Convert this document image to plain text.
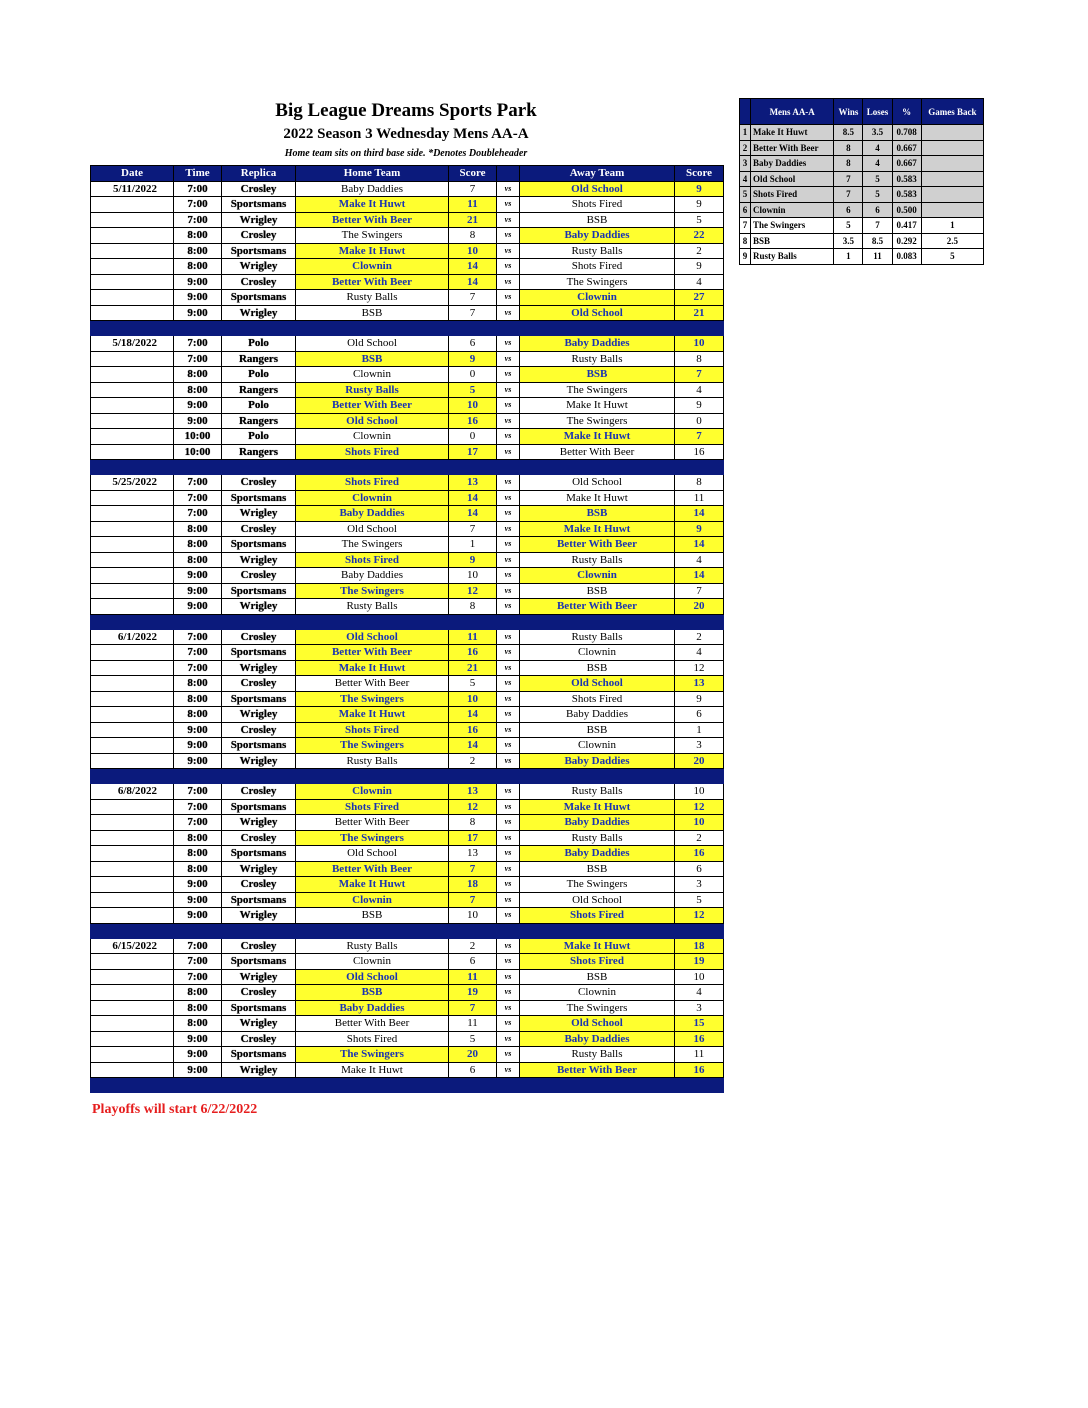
Big League Dreams Sports Park
2022 Season 3 Wednesday Mens AA-A
Home team sits on third base side. *Denotes Doubleheader
Date	Time	Replica	Home Team	Score		Away Team	Score
5/11/2022	7:00	Crosley	Baby Daddies	7	vs	Old School	9
	7:00	Sportsmans	Make It Huwt	11	vs	Shots Fired	9
	7:00	Wrigley	Better With Beer	21	vs	BSB	5
	8:00	Crosley	The Swingers	8	vs	Baby Daddies	22
	8:00	Sportsmans	Make It Huwt	10	vs	Rusty Balls	2
	8:00	Wrigley	Clownin	14	vs	Shots Fired	9
	9:00	Crosley	Better With Beer	14	vs	The Swingers	4
	9:00	Sportsmans	Rusty Balls	7	vs	Clownin	27
	9:00	Wrigley	BSB	7	vs	Old School	21

5/18/2022	7:00	Polo	Old School	6	vs	Baby Daddies	10
	7:00	Rangers	BSB	9	vs	Rusty Balls	8
	8:00	Polo	Clownin	0	vs	BSB	7
	8:00	Rangers	Rusty Balls	5	vs	The Swingers	4
	9:00	Polo	Better With Beer	10	vs	Make It Huwt	9
	9:00	Rangers	Old School	16	vs	The Swingers	0
	10:00	Polo	Clownin	0	vs	Make It Huwt	7
	10:00	Rangers	Shots Fired	17	vs	Better With Beer	16

5/25/2022	7:00	Crosley	Shots Fired	13	vs	Old School	8
	7:00	Sportsmans	Clownin	14	vs	Make It Huwt	11
	7:00	Wrigley	Baby Daddies	14	vs	BSB	14
	8:00	Crosley	Old School	7	vs	Make It Huwt	9
	8:00	Sportsmans	The Swingers	1	vs	Better With Beer	14
	8:00	Wrigley	Shots Fired	9	vs	Rusty Balls	4
	9:00	Crosley	Baby Daddies	10	vs	Clownin	14
	9:00	Sportsmans	The Swingers	12	vs	BSB	7
	9:00	Wrigley	Rusty Balls	8	vs	Better With Beer	20

6/1/2022	7:00	Crosley	Old School	11	vs	Rusty Balls	2
	7:00	Sportsmans	Better With Beer	16	vs	Clownin	4
	7:00	Wrigley	Make It Huwt	21	vs	BSB	12
	8:00	Crosley	Better With Beer	5	vs	Old School	13
	8:00	Sportsmans	The Swingers	10	vs	Shots Fired	9
	8:00	Wrigley	Make It Huwt	14	vs	Baby Daddies	6
	9:00	Crosley	Shots Fired	16	vs	BSB	1
	9:00	Sportsmans	The Swingers	14	vs	Clownin	3
	9:00	Wrigley	Rusty Balls	2	vs	Baby Daddies	20

6/8/2022	7:00	Crosley	Clownin	13	vs	Rusty Balls	10
	7:00	Sportsmans	Shots Fired	12	vs	Make It Huwt	12
	7:00	Wrigley	Better With Beer	8	vs	Baby Daddies	10
	8:00	Crosley	The Swingers	17	vs	Rusty Balls	2
	8:00	Sportsmans	Old School	13	vs	Baby Daddies	16
	8:00	Wrigley	Better With Beer	7	vs	BSB	6
	9:00	Crosley	Make It Huwt	18	vs	The Swingers	3
	9:00	Sportsmans	Clownin	7	vs	Old School	5
	9:00	Wrigley	BSB	10	vs	Shots Fired	12

6/15/2022	7:00	Crosley	Rusty Balls	2	vs	Make It Huwt	18
	7:00	Sportsmans	Clownin	6	vs	Shots Fired	19
	7:00	Wrigley	Old School	11	vs	BSB	10
	8:00	Crosley	BSB	19	vs	Clownin	4
	8:00	Sportsmans	Baby Daddies	7	vs	The Swingers	3
	8:00	Wrigley	Better With Beer	11	vs	Old School	15
	9:00	Crosley	Shots Fired	5	vs	Baby Daddies	16
	9:00	Sportsmans	The Swingers	20	vs	Rusty Balls	11
	9:00	Wrigley	Make It Huwt	6	vs	Better With Beer	16

	Mens AA-A	Wins	Loses	%	Games Back
1	Make It Huwt	8.5	3.5	0.708	
2	Better With Beer	8	4	0.667	
3	Baby Daddies	8	4	0.667	
4	Old School	7	5	0.583	
5	Shots Fired	7	5	0.583	
6	Clownin	6	6	0.500	
7	The Swingers	5	7	0.417	1
8	BSB	3.5	8.5	0.292	2.5
9	Rusty Balls	1	11	0.083	5
Playoffs will start 6/22/2022
